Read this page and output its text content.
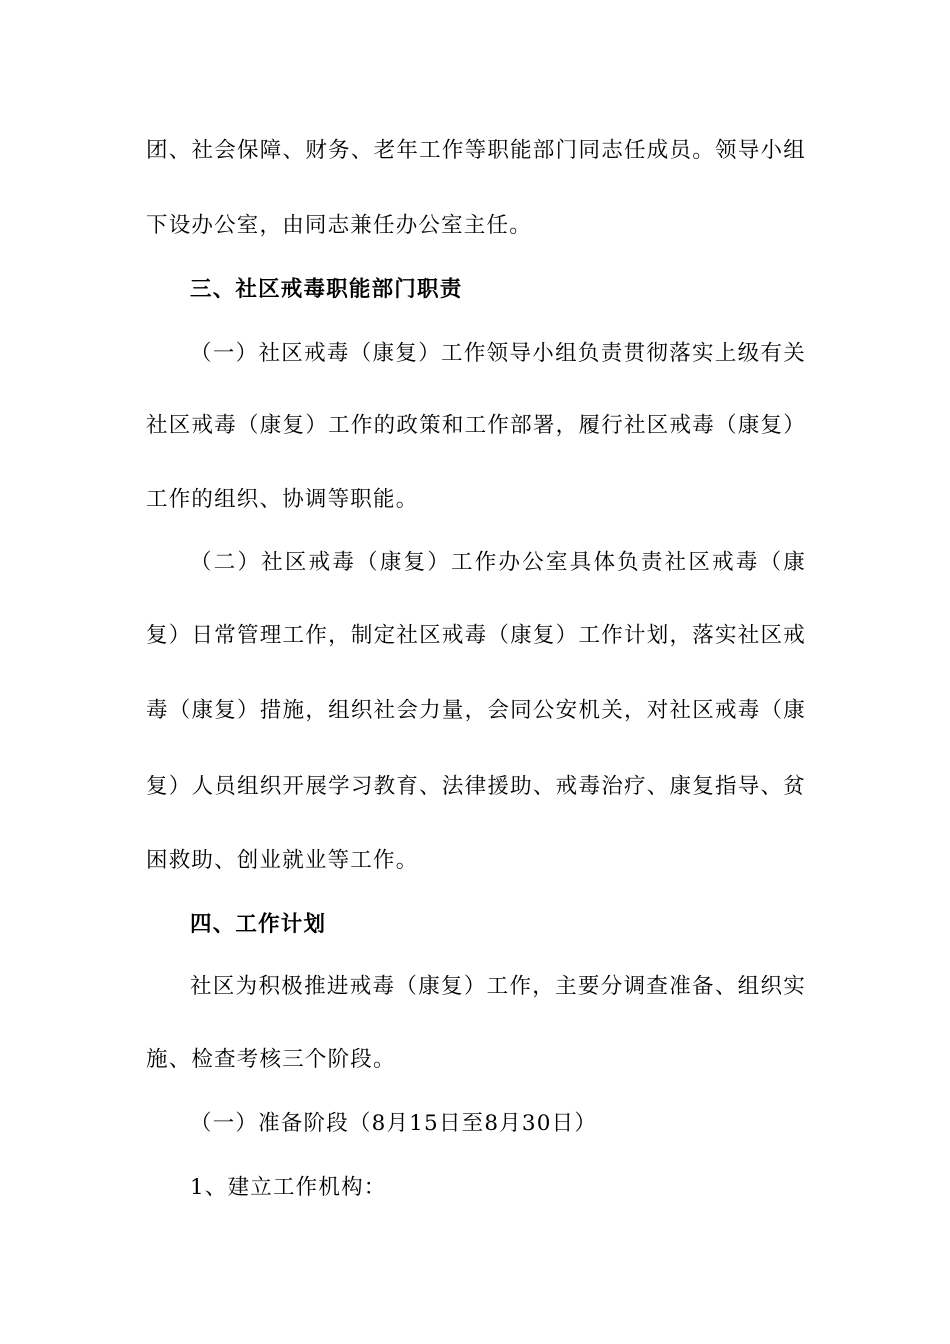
团、社会保障、财务、老年工作等职能部门同志任成员。领导小组
下设办公室，由同志兼任办公室主任。
三、社区戒毒职能部门职责
（一）社区戒毒（康复）工作领导小组负责贯彻落实上级有关
社区戒毒（康复）工作的政策和工作部署，履行社区戒毒（康复）
工作的组织、协调等职能。
（二）社区戒毒（康复）工作办公室具体负责社区戒毒（康
复）日常管理工作，制定社区戒毒（康复）工作计划，落实社区戒
毒（康复）措施，组织社会力量，会同公安机关，对社区戒毒（康
复）人员组织开展学习教育、法律援助、戒毒治疗、康复指导、贫
困救助、创业就业等工作。
四、工作计划
社区为积极推进戒毒（康复）工作，主要分调查准备、组织实
施、检查考核三个阶段。
（一）准备阶段（8月15日至8月30日）
1、建立工作机构：
